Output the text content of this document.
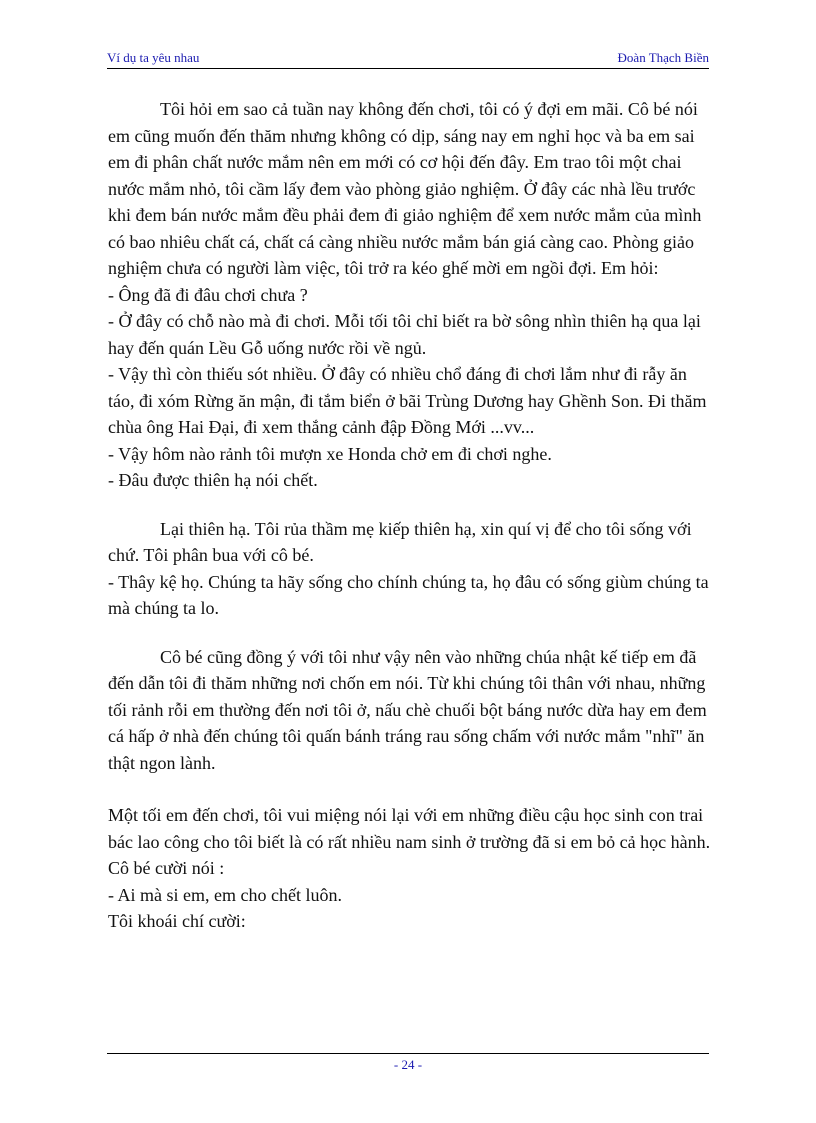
Ví dụ ta yêu nhau	Đoàn Thạch Biền

Tôi hỏi em sao cả tuần nay không đến chơi, tôi có ý đợi em mãi. Cô bé nói em cũng muốn đến thăm nhưng không có dịp, sáng nay em nghỉ học và ba em sai em đi phân chất nước mắm nên em mới có cơ hội đến đây. Em trao tôi một chai nước mắm nhỏ, tôi cầm lấy đem vào phòng giảo nghiệm. Ở đây các nhà lều trước khi đem bán nước mắm đều phải đem đi giảo nghiệm để xem nước mắm của mình có bao nhiêu chất cá, chất cá càng nhiều nước mắm bán giá càng cao. Phòng giảo nghiệm chưa có người làm việc, tôi trở ra kéo ghế mời em ngồi đợi. Em hỏi:

- Ông đã đi đâu chơi chưa ?

- Ở đây có chỗ nào mà đi chơi. Mỗi tối tôi chỉ biết ra bờ sông nhìn thiên hạ qua lại hay đến quán Lều Gỗ uống nước rồi về ngủ.

- Vậy thì còn thiếu sót nhiều. Ở đây có nhiều chổ đáng đi chơi lắm như đi rẫy ăn táo, đi xóm Rừng ăn mận, đi tắm biển ở bãi Trùng Dương hay Ghềnh Son. Đi thăm chùa ông Hai Đại, đi xem thắng cảnh đập Đồng Mới ...vv...

- Vậy hôm nào rảnh tôi mượn xe Honda chở em đi chơi nghe.

- Đâu được thiên hạ nói chết.

Lại thiên hạ. Tôi rủa thầm mẹ kiếp thiên hạ, xin quí vị để cho tôi sống với chứ. Tôi phân bua với cô bé.

- Thây kệ họ. Chúng ta hãy sống cho chính chúng ta, họ đâu có sống giùm chúng ta mà chúng ta lo.

Cô bé cũng đồng ý với tôi như vậy nên vào những chúa nhật kế tiếp em đã đến dẫn tôi đi thăm những nơi chốn em nói. Từ khi chúng tôi thân với nhau, những tối rảnh rỗi em thường đến nơi tôi ở, nấu chè chuối bột báng nước dừa hay em đem cá hấp ở nhà đến chúng tôi quấn bánh tráng rau sống chấm với nước mắm "nhĩ" ăn thật ngon lành.

Một tối em đến chơi, tôi vui miệng nói lại với em những điều cậu học sinh con trai bác lao công cho tôi biết là có rất nhiều nam sinh ở trường đã si em bỏ cả học hành. Cô bé cười nói :

- Ai mà si em, em cho chết luôn.

Tôi khoái chí cười:

- 24 -
